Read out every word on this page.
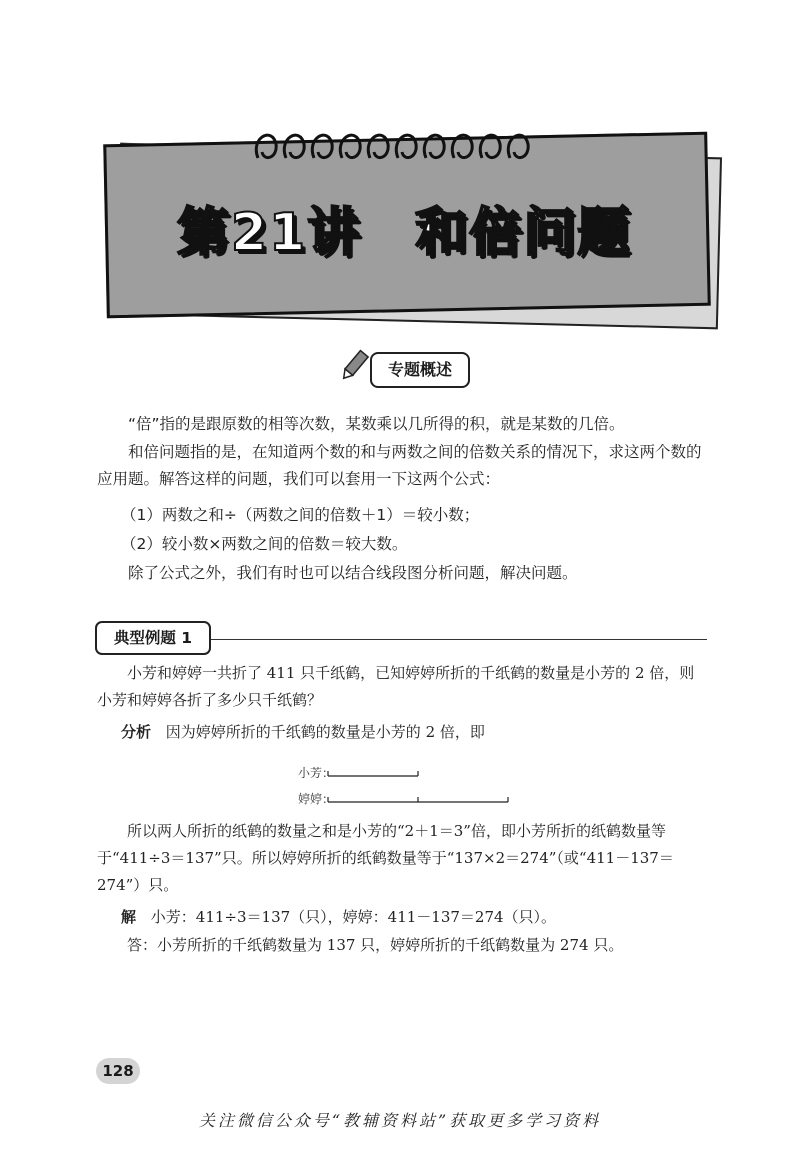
第21讲　和倍问题
专题概述
“倍”指的是跟原数的相等次数，某数乘以几所得的积，就是某数的几倍。
和倍问题指的是，在知道两个数的和与两数之间的倍数关系的情况下，求这两个数的应用题。解答这样的问题，我们可以套用一下这两个公式：
（1）两数之和÷（两数之间的倍数＋1）＝较小数；
（2）较小数×两数之间的倍数＝较大数。
除了公式之外，我们有时也可以结合线段图分析问题，解决问题。
典型例题 1
小芳和婷婷一共折了 411 只千纸鹤，已知婷婷所折的千纸鹤的数量是小芳的 2 倍，则小芳和婷婷各折了多少只千纸鹤？
分析 因为婷婷所折的千纸鹤的数量是小芳的 2 倍，即
小芳：
婷婷：
所以两人所折的纸鹤的数量之和是小芳的“2＋1＝3”倍，即小芳所折的纸鹤数量等于“411÷3＝137”只。所以婷婷所折的纸鹤数量等于“137×2＝274”（或“411－137＝274”）只。
解 小芳：411÷3＝137（只），婷婷：411－137＝274（只）。
答：小芳所折的千纸鹤数量为 137 只，婷婷所折的千纸鹤数量为 274 只。
128
关注微信公众号“教辅资料站”获取更多学习资料
